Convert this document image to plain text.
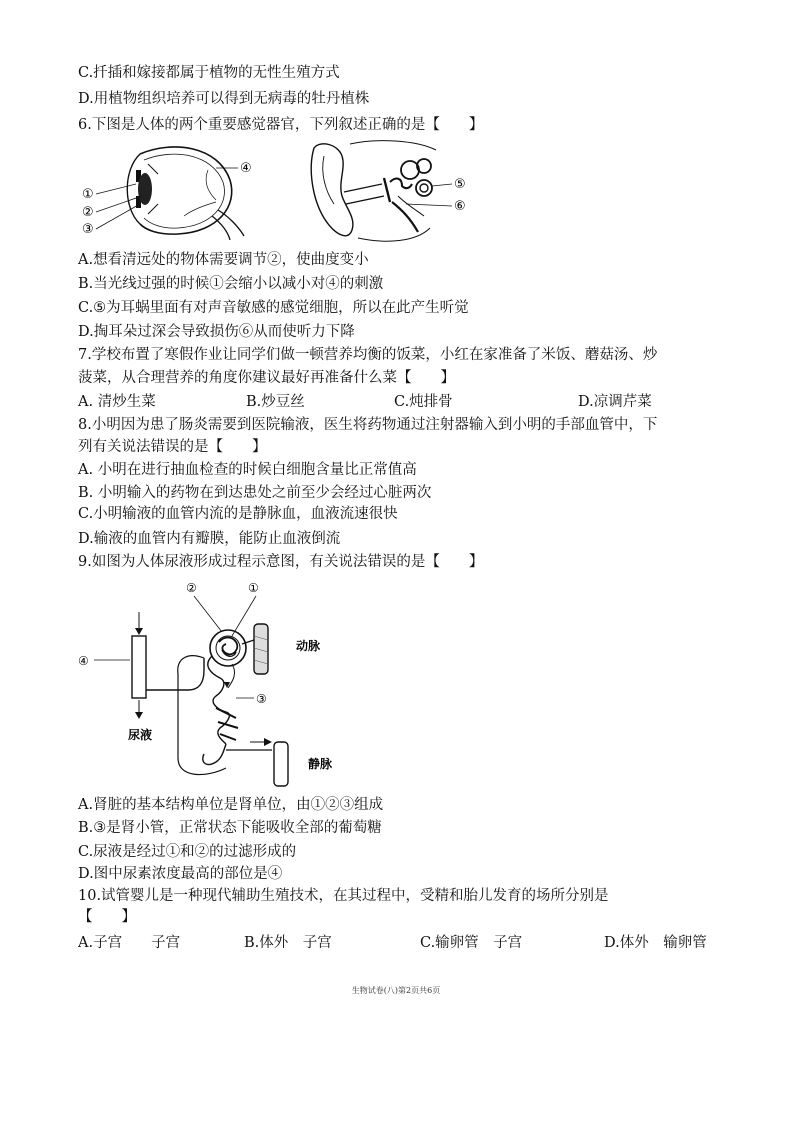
C.扦插和嫁接都属于植物的无性生殖方式
D.用植物组织培养可以得到无病毒的牡丹植株
6.下图是人体的两个重要感觉器官，下列叙述正确的是【　　】
①
②
③
④
⑤
⑥
A.想看清远处的物体需要调节②，使曲度变小
B.当光线过强的时候①会缩小以减小对④的刺激
C.⑤为耳蜗里面有对声音敏感的感觉细胞，所以在此产生听觉
D.掏耳朵过深会导致损伤⑥从而使听力下降
7.学校布置了寒假作业让同学们做一顿营养均衡的饭菜，小红在家准备了米饭、蘑菇汤、炒
菠菜，从合理营养的角度你建议最好再准备什么菜【　　】
A. 清炒生菜	B.炒豆丝	C.炖排骨	D.凉调芹菜
8.小明因为患了肠炎需要到医院输液，医生将药物通过注射器输入到小明的手部血管中，下
列有关说法错误的是【　　】
A. 小明在进行抽血检查的时候白细胞含量比正常值高
B. 小明输入的药物在到达患处之前至少会经过心脏两次
C.小明输液的血管内流的是静脉血，血液流速很快
D.输液的血管内有瓣膜，能防止血液倒流
9.如图为人体尿液形成过程示意图，有关说法错误的是【　　】
④
尿液
动脉
③
静脉
②	①
A.肾脏的基本结构单位是肾单位，由①②③组成
B.③是肾小管，正常状态下能吸收全部的葡萄糖
C.尿液是经过①和②的过滤形成的
D.图中尿素浓度最高的部位是④
10.试管婴儿是一种现代辅助生殖技术，在其过程中，受精和胎儿发育的场所分别是
【　　】
A.子宫　　子宫	B.体外　子宫	C.输卵管　子宫	D.体外　输卵管
生物试卷(八)第2页共6页
